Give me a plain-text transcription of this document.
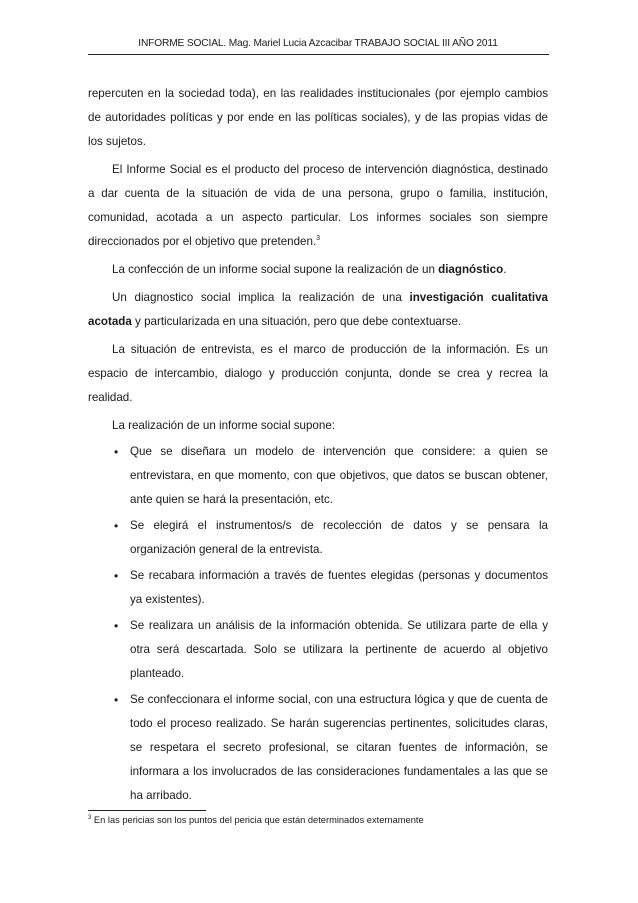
INFORME SOCIAL. Mag. Mariel Lucia Azcacibar TRABAJO SOCIAL III AÑO 2011

repercuten en la sociedad toda), en las realidades institucionales (por ejemplo cambios de autoridades políticas y por ende en las políticas sociales), y de las propias vidas de los sujetos.

El Informe Social es el producto del proceso de intervención diagnóstica, destinado a dar cuenta de la situación de vida de una persona, grupo o familia, institución, comunidad, acotada a un aspecto particular. Los informes sociales son siempre direccionados por el objetivo que pretenden.$^3$

La confección de un informe social supone la realización de un diagnóstico.

Un diagnostico social implica la realización de una investigación cualitativa acotada y particularizada en una situación, pero que debe contextuarse.

La situación de entrevista, es el marco de producción de la información. Es un espacio de intercambio, dialogo y producción conjunta, donde se crea y recrea la realidad.

La realización de un informe social supone:

• Que se diseñara un modelo de intervención que considere: a quien se entrevistara, en que momento, con que objetivos, que datos se buscan obtener, ante quien se hará la presentación, etc.
• Se elegirá el instrumentos/s de recolección de datos y se pensara la organización general de la entrevista.
• Se recabara información a través de fuentes elegidas (personas y documentos ya existentes).
• Se realizara un análisis de la información obtenida. Se utilizara parte de ella y otra será descartada. Solo se utilizara la pertinente de acuerdo al objetivo planteado.
• Se confeccionara el informe social, con una estructura lógica y que de cuenta de todo el proceso realizado. Se harán sugerencias pertinentes, solicitudes claras, se respetara el secreto profesional, se citaran fuentes de información, se informara a los involucrados de las consideraciones fundamentales a las que se ha arribado.
$^3$ En las pericias son los puntos del pericia que están determinados externamente
